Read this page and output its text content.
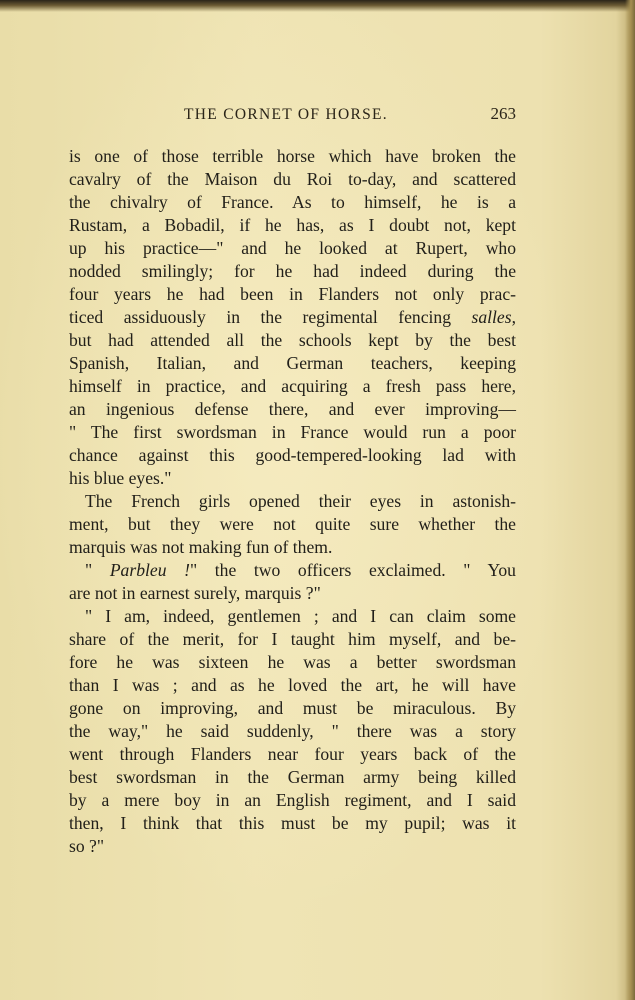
THE CORNET OF HORSE.	263
is one of those terrible horse which have broken the
cavalry of the Maison du Roi to-day, and scattered
the chivalry of France. As to himself, he is a
Rustam, a Bobadil, if he has, as I doubt not, kept
up his practice—" and he looked at Rupert, who
nodded smilingly; for he had indeed during the
four years he had been in Flanders not only prac-
ticed assiduously in the regimental fencing salles,
but had attended all the schools kept by the best
Spanish, Italian, and German teachers, keeping
himself in practice, and acquiring a fresh pass here,
an ingenious defense there, and ever improving—
" The first swordsman in France would run a poor
chance against this good-tempered-looking lad with
his blue eyes."
The French girls opened their eyes in astonish-
ment, but they were not quite sure whether the
marquis was not making fun of them.
" Parbleu !" the two officers exclaimed. " You
are not in earnest surely, marquis ?"
" I am, indeed, gentlemen ; and I can claim some
share of the merit, for I taught him myself, and be-
fore he was sixteen he was a better swordsman
than I was ; and as he loved the art, he will have
gone on improving, and must be miraculous. By
the way," he said suddenly, " there was a story
went through Flanders near four years back of the
best swordsman in the German army being killed
by a mere boy in an English regiment, and I said
then, I think that this must be my pupil; was it
so ?"
